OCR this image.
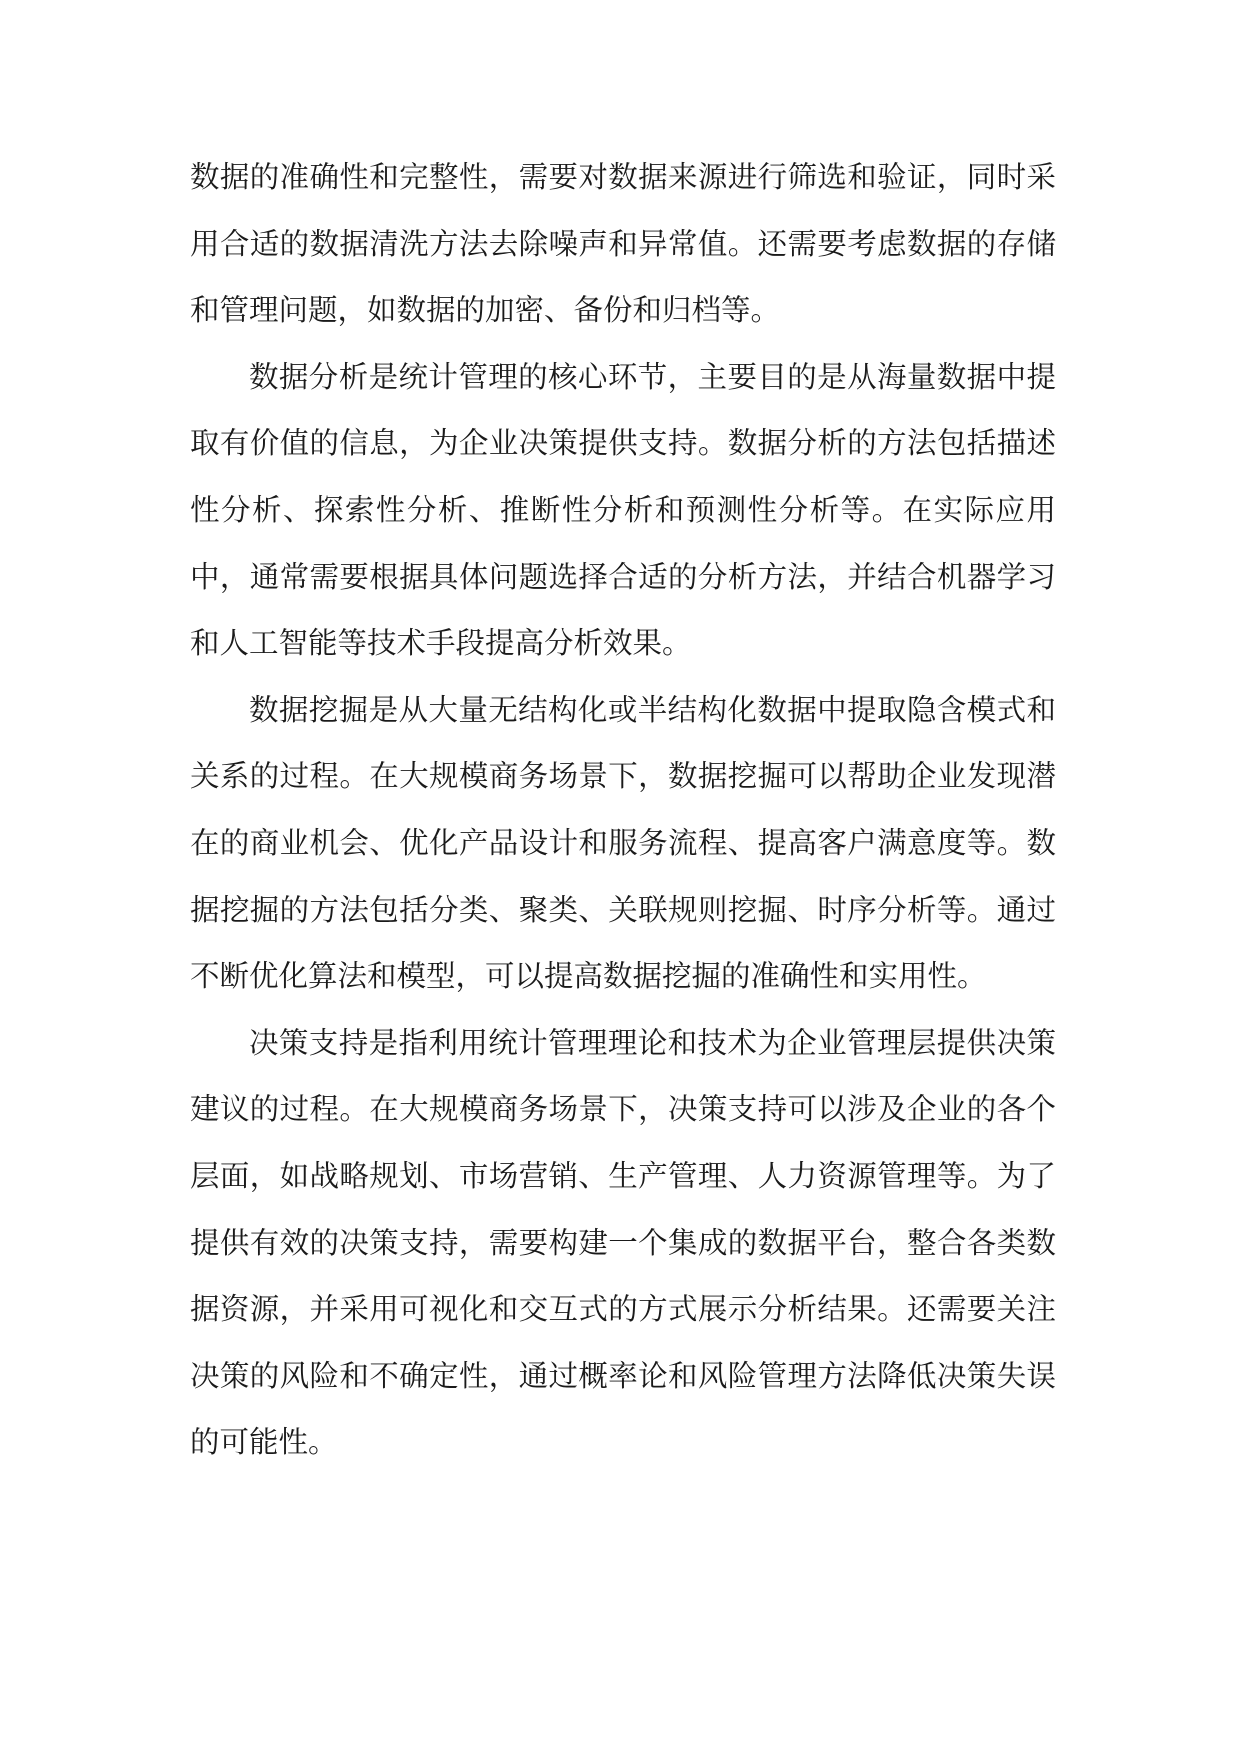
数据的准确性和完整性，需要对数据来源进行筛选和验证，同时采用合适的数据清洗方法去除噪声和异常值。还需要考虑数据的存储和管理问题，如数据的加密、备份和归档等。

数据分析是统计管理的核心环节，主要目的是从海量数据中提取有价值的信息，为企业决策提供支持。数据分析的方法包括描述性分析、探索性分析、推断性分析和预测性分析等。在实际应用中，通常需要根据具体问题选择合适的分析方法，并结合机器学习和人工智能等技术手段提高分析效果。

数据挖掘是从大量无结构化或半结构化数据中提取隐含模式和关系的过程。在大规模商务场景下，数据挖掘可以帮助企业发现潜在的商业机会、优化产品设计和服务流程、提高客户满意度等。数据挖掘的方法包括分类、聚类、关联规则挖掘、时序分析等。通过不断优化算法和模型，可以提高数据挖掘的准确性和实用性。

决策支持是指利用统计管理理论和技术为企业管理层提供决策建议的过程。在大规模商务场景下，决策支持可以涉及企业的各个层面，如战略规划、市场营销、生产管理、人力资源管理等。为了提供有效的决策支持，需要构建一个集成的数据平台，整合各类数据资源，并采用可视化和交互式的方式展示分析结果。还需要关注决策的风险和不确定性，通过概率论和风险管理方法降低决策失误的可能性。
